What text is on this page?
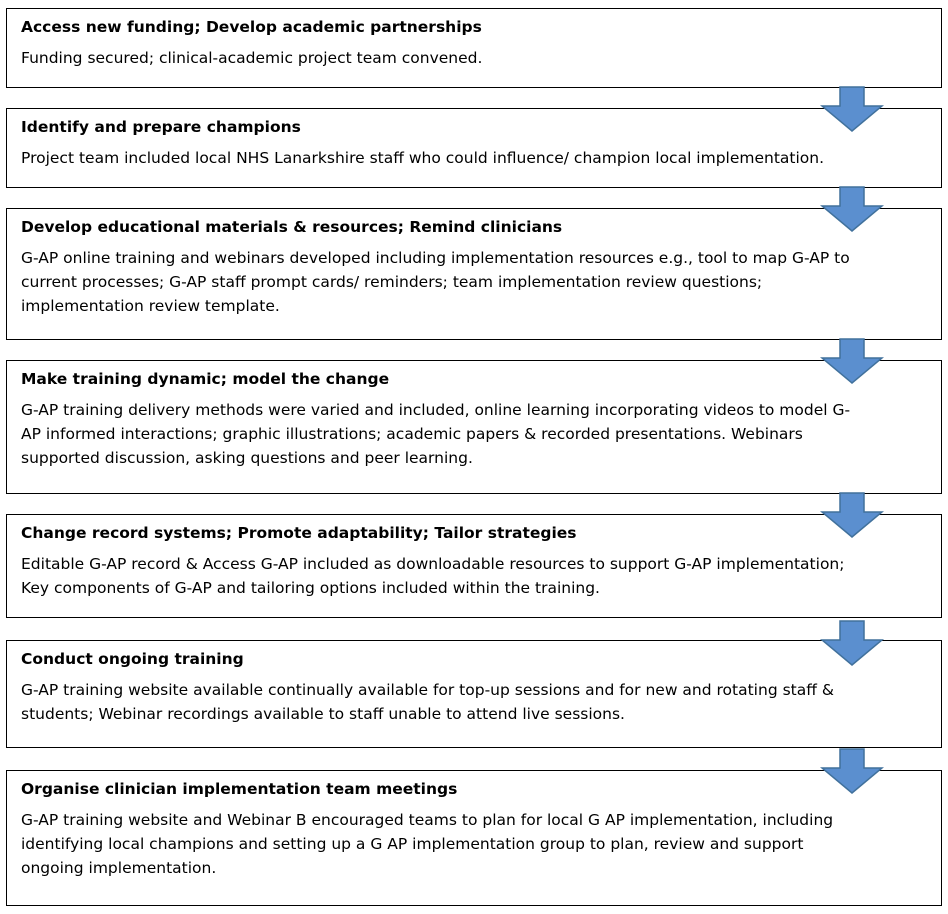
Access new funding; Develop academic partnerships
Funding secured; clinical-academic project team convened.
Identify and prepare champions
Project team included local NHS Lanarkshire staff who could influence/ champion local implementation.
Develop educational materials & resources; Remind clinicians
G-AP online training and webinars developed including implementation resources e.g., tool to map G-AP to
current processes; G-AP staff prompt cards/ reminders; team implementation review questions;
implementation review template.
Make training dynamic; model the change
G-AP training delivery methods were varied and included, online learning incorporating videos to model G-
AP informed interactions; graphic illustrations; academic papers & recorded presentations. Webinars
supported discussion, asking questions and peer learning.
Change record systems; Promote adaptability; Tailor strategies
Editable G-AP record & Access G-AP included as downloadable resources to support G-AP implementation;
Key components of G-AP and tailoring options included within the training.
Conduct ongoing training
G-AP training website available continually available for top-up sessions and for new and rotating staff &
students; Webinar recordings available to staff unable to attend live sessions.
Organise clinician implementation team meetings
G-AP training website and Webinar B encouraged teams to plan for local G AP implementation, including
identifying local champions and setting up a G AP implementation group to plan, review and support
ongoing implementation.
